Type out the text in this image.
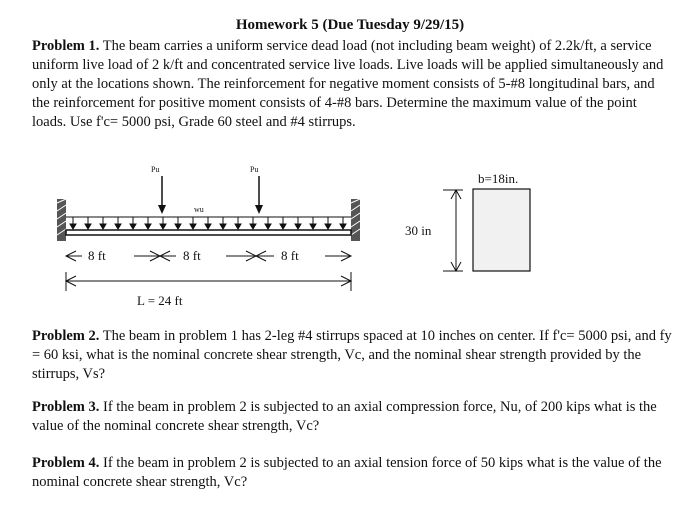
Homework 5 (Due Tuesday 9/29/15)
Problem 1. The beam carries a uniform service dead load (not including beam weight) of 2.2k/ft, a service uniform live load of 2 k/ft and concentrated service live loads. Live loads will be applied simultaneously and only at the locations shown. The reinforcement for negative moment consists of 5-#8 longitudinal bars, and the reinforcement for positive moment consists of 4-#8 bars. Determine the maximum value of the point loads. Use f'c= 5000 psi, Grade 60 steel and #4 stirrups.
wu
Pu	Pu
8 ft	8 ft	8 ft
L = 24 ft
b=18in.
30 in
Problem 2. The beam in problem 1 has 2-leg #4 stirrups spaced at 10 inches on center. If f'c= 5000 psi, and fy = 60 ksi, what is the nominal concrete shear strength, Vc, and the nominal shear strength provided by the stirrups, Vs?
Problem 3. If the beam in problem 2 is subjected to an axial compression force, Nu, of 200 kips what is the value of the nominal concrete shear strength, Vc?
Problem 4. If the beam in problem 2 is subjected to an axial tension force of 50 kips what is the value of the nominal concrete shear strength, Vc?
